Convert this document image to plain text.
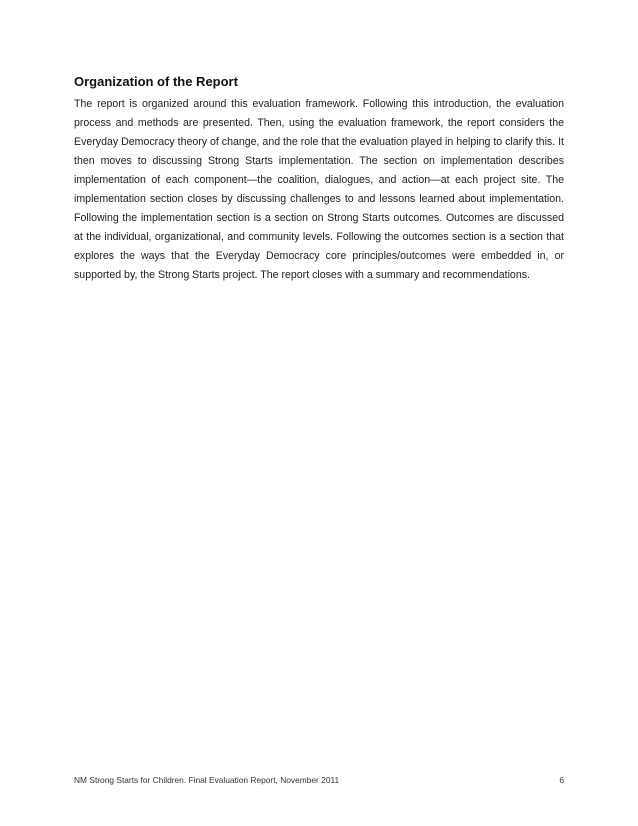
Organization of the Report

The report is organized around this evaluation framework. Following this introduction, the evaluation process and methods are presented. Then, using the evaluation framework, the report considers the Everyday Democracy theory of change, and the role that the evaluation played in helping to clarify this. It then moves to discussing Strong Starts implementation. The section on implementation describes implementation of each component—the coalition, dialogues, and action—at each project site. The implementation section closes by discussing challenges to and lessons learned about implementation. Following the implementation section is a section on Strong Starts outcomes. Outcomes are discussed at the individual, organizational, and community levels. Following the outcomes section is a section that explores the ways that the Everyday Democracy core principles/outcomes were embedded in, or supported by, the Strong Starts project. The report closes with a summary and recommendations.

NM Strong Starts for Children. Final Evaluation Report, November 2011	6
